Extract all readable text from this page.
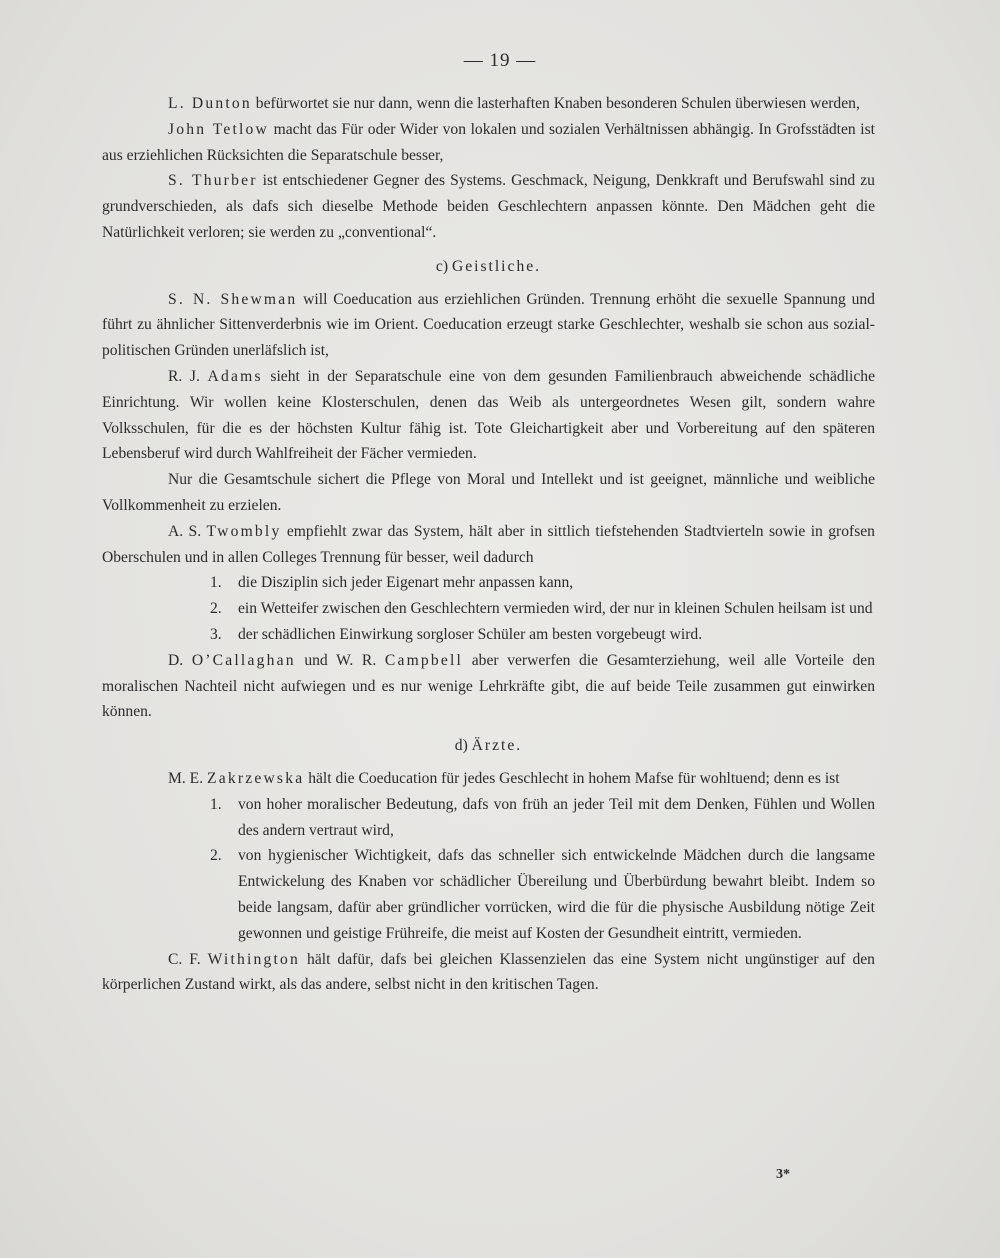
— 19 —

L. Dunton befürwortet sie nur dann, wenn die lasterhaften Knaben besonderen Schulen überwiesen werden,

John Tetlow macht das Für oder Wider von lokalen und sozialen Verhältnissen abhängig. In Grofsstädten ist aus erziehlichen Rücksichten die Separatschule besser,

S. Thurber ist entschiedener Gegner des Systems. Geschmack, Neigung, Denkkraft und Berufswahl sind zu grundverschieden, als dafs sich dieselbe Methode beiden Geschlechtern anpassen könnte. Den Mädchen geht die Natürlichkeit verloren; sie werden zu „conventional“.

c) Geistliche.

S. N. Shewman will Coeducation aus erziehlichen Gründen. Trennung erhöht die sexuelle Spannung und führt zu ähnlicher Sittenverderbnis wie im Orient. Coeducation erzeugt starke Geschlechter, weshalb sie schon aus sozial-politischen Gründen unerläfslich ist,

R. J. Adams sieht in der Separatschule eine von dem gesunden Familienbrauch abweichende schädliche Einrichtung. Wir wollen keine Klosterschulen, denen das Weib als untergeordnetes Wesen gilt, sondern wahre Volksschulen, für die es der höchsten Kultur fähig ist. Tote Gleichartigkeit aber und Vorbereitung auf den späteren Lebensberuf wird durch Wahlfreiheit der Fächer vermieden.

Nur die Gesamtschule sichert die Pflege von Moral und Intellekt und ist geeignet, männliche und weibliche Vollkommenheit zu erzielen.

A. S. Twombly empfiehlt zwar das System, hält aber in sittlich tiefstehenden Stadtvierteln sowie in grofsen Oberschulen und in allen Colleges Trennung für besser, weil dadurch

1. die Disziplin sich jeder Eigenart mehr anpassen kann,
2. ein Wetteifer zwischen den Geschlechtern vermieden wird, der nur in kleinen Schulen heilsam ist und
3. der schädlichen Einwirkung sorgloser Schüler am besten vorgebeugt wird.

D. O’Callaghan und W. R. Campbell aber verwerfen die Gesamterziehung, weil alle Vorteile den moralischen Nachteil nicht aufwiegen und es nur wenige Lehrkräfte gibt, die auf beide Teile zusammen gut einwirken können.

d) Ärzte.

M. E. Zakrzewska hält die Coeducation für jedes Geschlecht in hohem Mafse für wohltuend; denn es ist

1. von hoher moralischer Bedeutung, dafs von früh an jeder Teil mit dem Denken, Fühlen und Wollen des andern vertraut wird,
2. von hygienischer Wichtigkeit, dafs das schneller sich entwickelnde Mädchen durch die langsame Entwickelung des Knaben vor schädlicher Übereilung und Überbürdung bewahrt bleibt. Indem so beide langsam, dafür aber gründlicher vorrücken, wird die für die physische Ausbildung nötige Zeit gewonnen und geistige Frühreife, die meist auf Kosten der Gesundheit eintritt, vermieden.

C. F. Withington hält dafür, dafs bei gleichen Klassenzielen das eine System nicht ungünstiger auf den körperlichen Zustand wirkt, als das andere, selbst nicht in den kritischen Tagen.

3*
